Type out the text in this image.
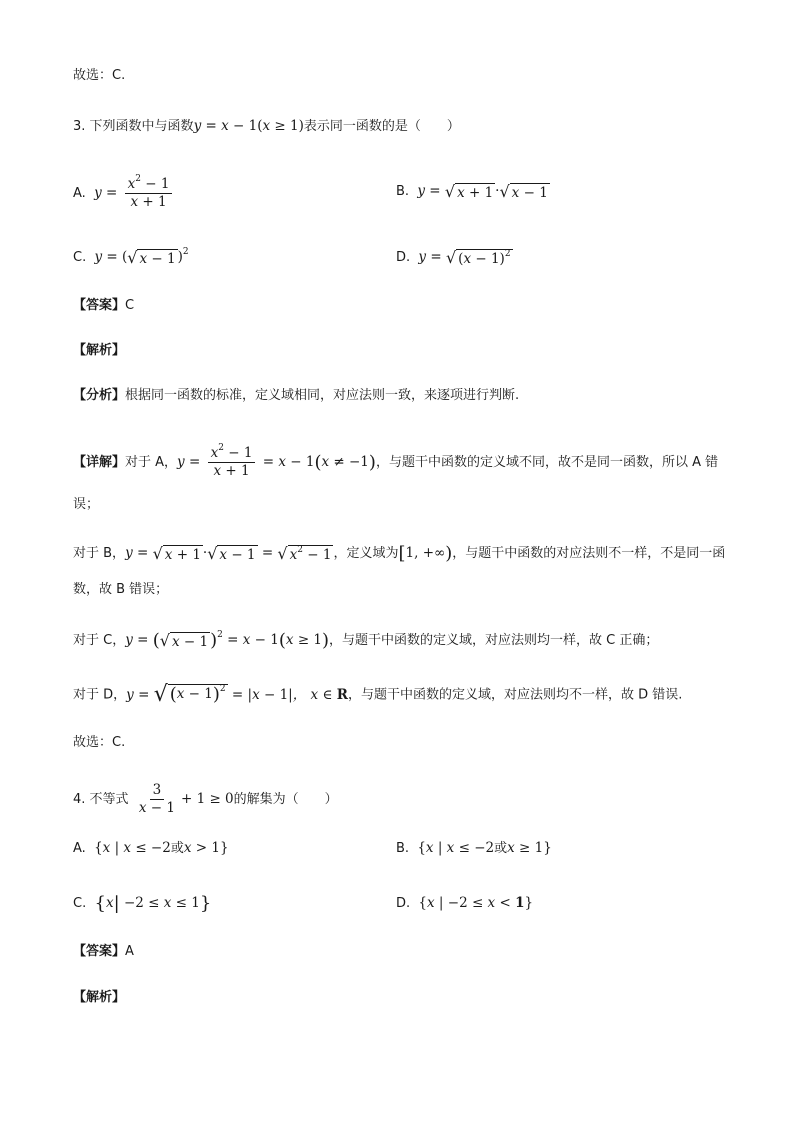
故选：C.
3. 下列函数中与函数y = x − 1(x ≥ 1)表示同一函数的是（　　）
A. $y = \frac{x^2 - 1}{x + 1}$	B. y = √ x + 1 · √ x − 1
C. y = ( √ x − 1 )$^2$	D. y = √ $(x - 1)^2$
【答案】C
【解析】
【分析】根据同一函数的标准，定义域相同，对应法则一致，来逐项进行判断.
【详解】对于 A，$y = \frac{x^2 - 1}{x + 1} = x - 1(x \ne -1)$，与题干中函数的定义域不同，故不是同一函数，所以 A 错
误；
对于 B，y = √ x + 1 · √ x − 1 = √ $x^2 - 1$ ，定义域为[1, +∞)，与题干中函数的对应法则不一样，不是同一函
数，故 B 错误；
对于 C，y = ( √ x − 1 )$^2$ = x − 1(x ≥ 1)，与题干中函数的定义域，对应法则均一样，故 C 正确；
对于 D，y = √ $(x - 1)^2 = |x - 1|$， x ∈ R，与题干中函数的定义域，对应法则均不一样，故 D 错误.
故选：C.
4. 不等式 $\frac{3}{x - 1} + 1 \ge 0$的解集为（　　）
A. {x | x ≤ −2或x > 1}	B. {x | x ≤ −2或x ≥ 1}
C. {x| −2 ≤ x ≤ 1}	D. {x | −2 ≤ x < 1}
【答案】A
【解析】
